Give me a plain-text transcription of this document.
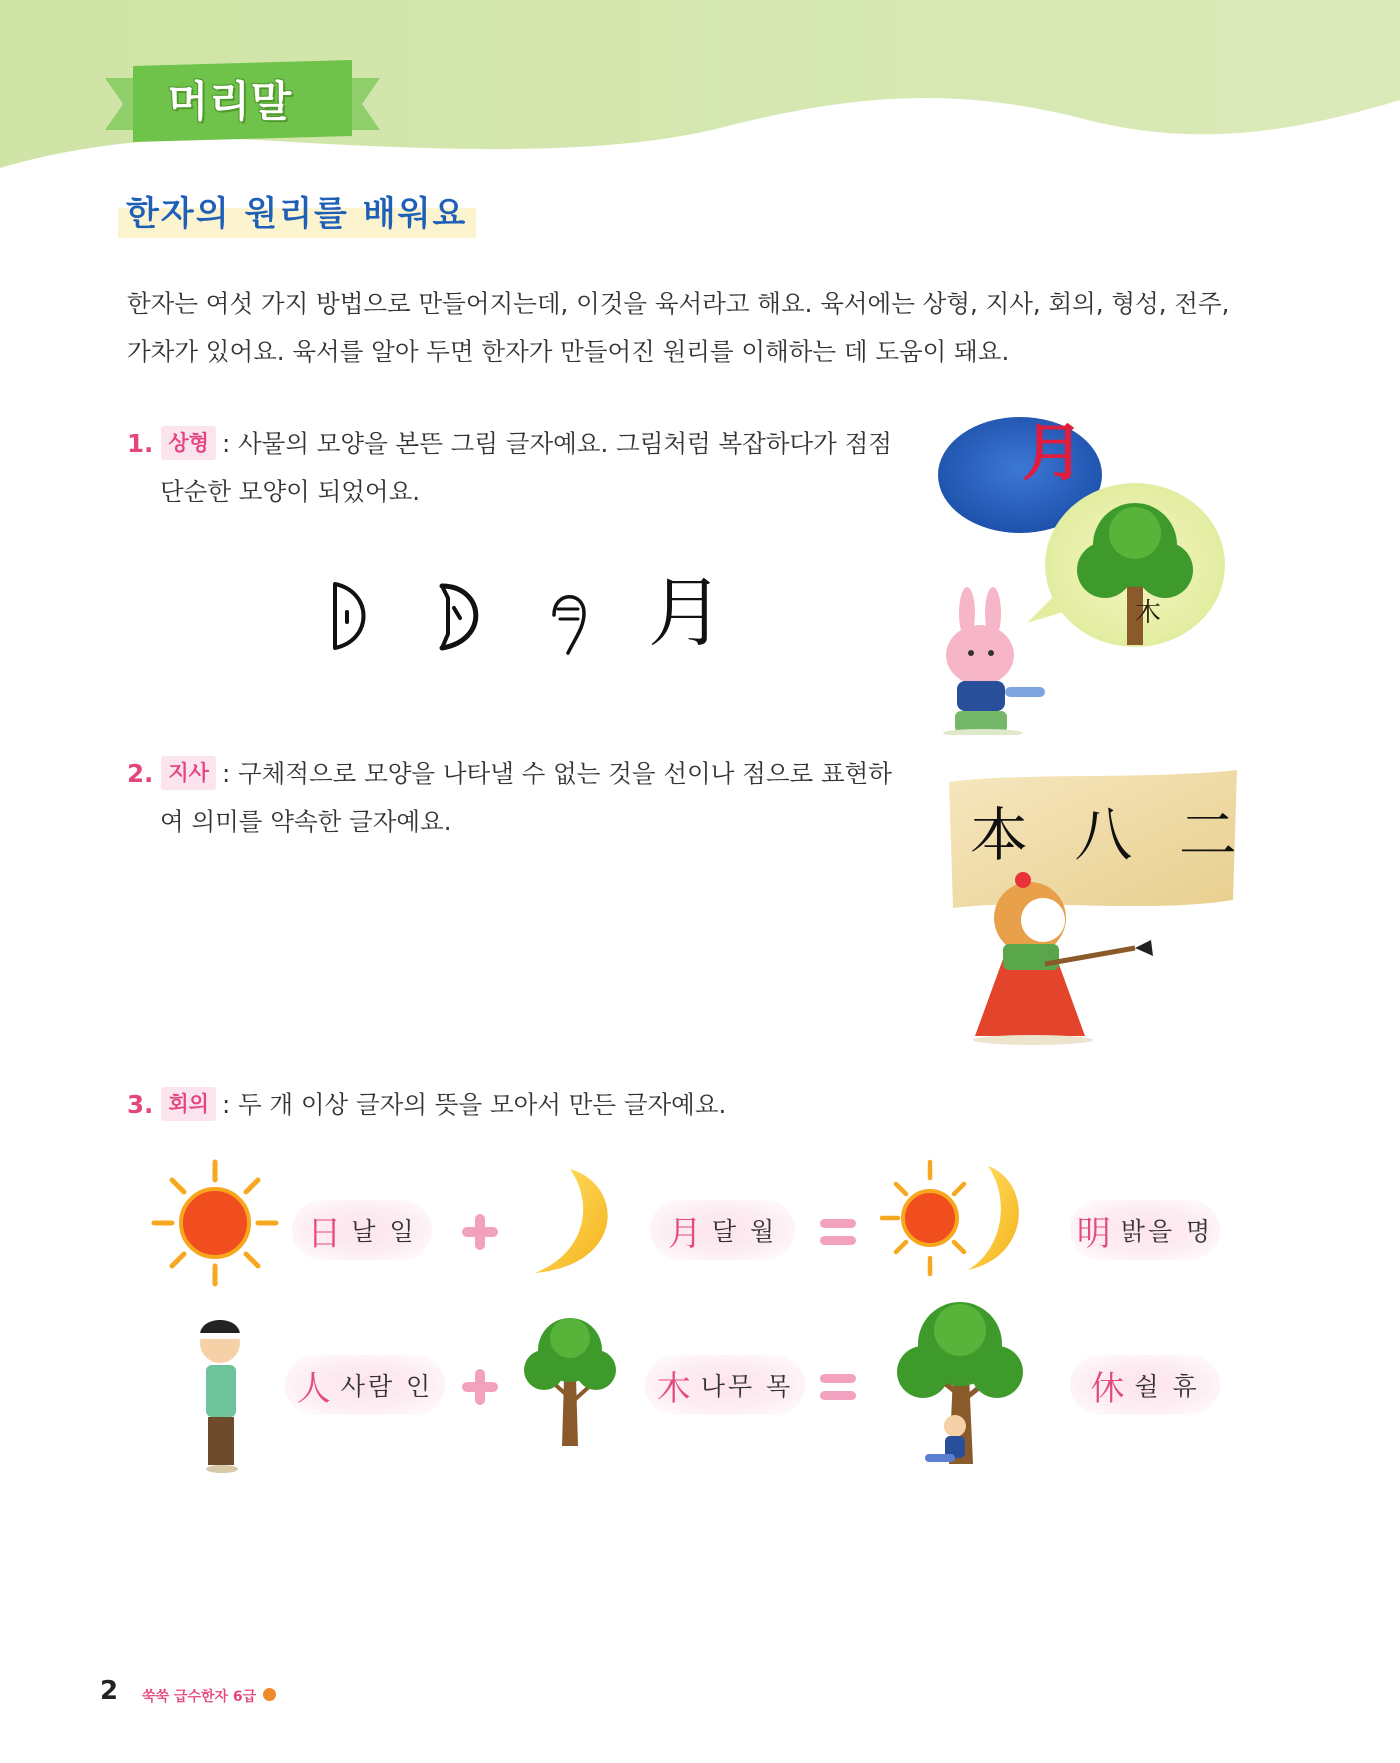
머리말
한자의 원리를 배워요
한자는 여섯 가지 방법으로 만들어지는데, 이것을 육서라고 해요. 육서에는 상형, 지사, 회의, 형성, 전주,
가차가 있어요. 육서를 알아 두면 한자가 만들어진 원리를 이해하는 데 도움이 돼요.
1. 상형 : 사물의 모양을 본뜬 그림 글자예요. 그림처럼 복잡하다가 점점
단순한 모양이 되었어요.
月
月
木
2. 지사 : 구체적으로 모양을 나타낼 수 없는 것을 선이나 점으로 표현하
여 의미를 약속한 글자예요.	本 八 二
3. 회의 : 두 개 이상 글자의 뜻을 모아서 만든 글자예요.
日 날 일	月 달 월	明 밝을 명
人 사람 인	木 나무 목	休 쉴 휴
2 쑥쑥 급수한자 6급
